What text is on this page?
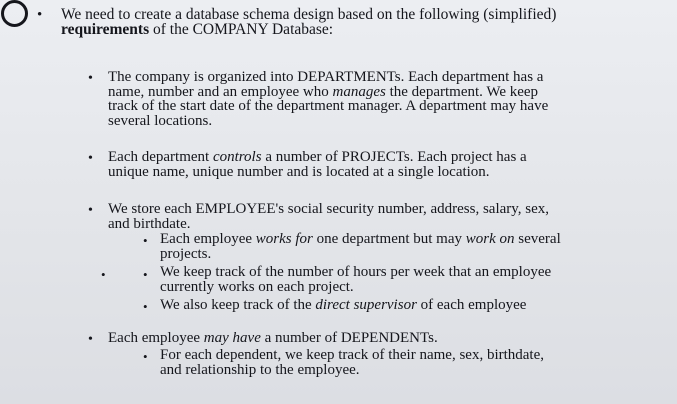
• We need to create a database schema design based on the following (simplified)
requirements of the COMPANY Database:
• The company is organized into DEPARTMENTs. Each department has a
name, number and an employee who manages the department. We keep
track of the start date of the department manager. A department may have
several locations.
• Each department controls a number of PROJECTs. Each project has a
unique name, unique number and is located at a single location.
• We store each EMPLOYEE's social security number, address, salary, sex,
and birthdate.
• Each employee works for one department but may work on several
projects.
•	• We keep track of the number of hours per week that an employee
currently works on each project.
• We also keep track of the direct supervisor of each employee
• Each employee may have a number of DEPENDENTs.
• For each dependent, we keep track of their name, sex, birthdate,
and relationship to the employee.
